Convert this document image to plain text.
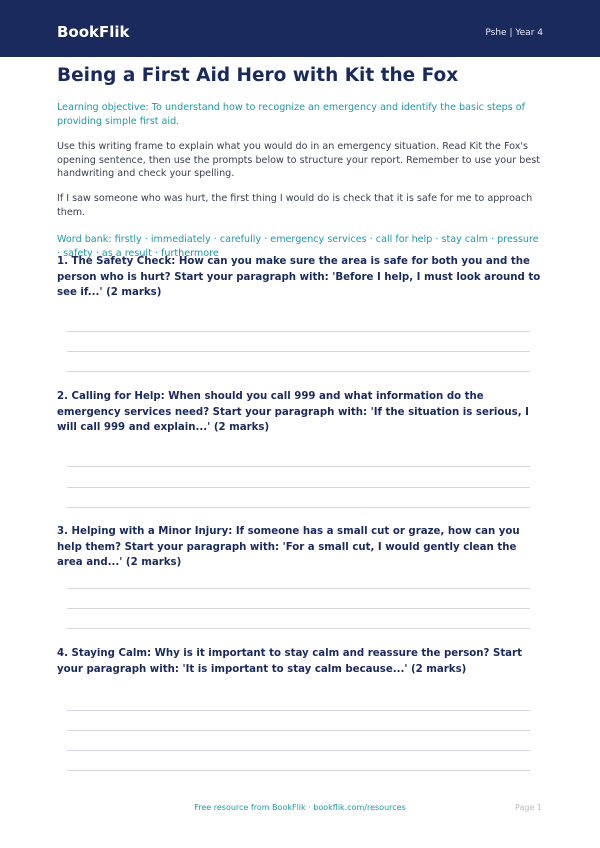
BookFlik	Pshe | Year 4
Being a First Aid Hero with Kit the Fox

Learning objective: To understand how to recognize an emergency and identify the basic steps of providing simple first aid.

Use this writing frame to explain what you would do in an emergency situation. Read Kit the Fox's opening sentence, then use the prompts below to structure your report. Remember to use your best handwriting and check your spelling.

If I saw someone who was hurt, the first thing I would do is check that it is safe for me to approach them.

Word bank: firstly · immediately · carefully · emergency services · call for help · stay calm · pressure · safety · as a result · furthermore

1. The Safety Check: How can you make sure the area is safe for both you and the person who is hurt? Start your paragraph with: 'Before I help, I must look around to see if...' (2 marks)
2. Calling for Help: When should you call 999 and what information do the emergency services need? Start your paragraph with: 'If the situation is serious, I will call 999 and explain...' (2 marks)
3. Helping with a Minor Injury: If someone has a small cut or graze, how can you help them? Start your paragraph with: 'For a small cut, I would gently clean the area and...' (2 marks)
4. Staying Calm: Why is it important to stay calm and reassure the person? Start your paragraph with: 'It is important to stay calm because...' (2 marks)
Free resource from BookFlik · bookflik.com/resources	Page 1
